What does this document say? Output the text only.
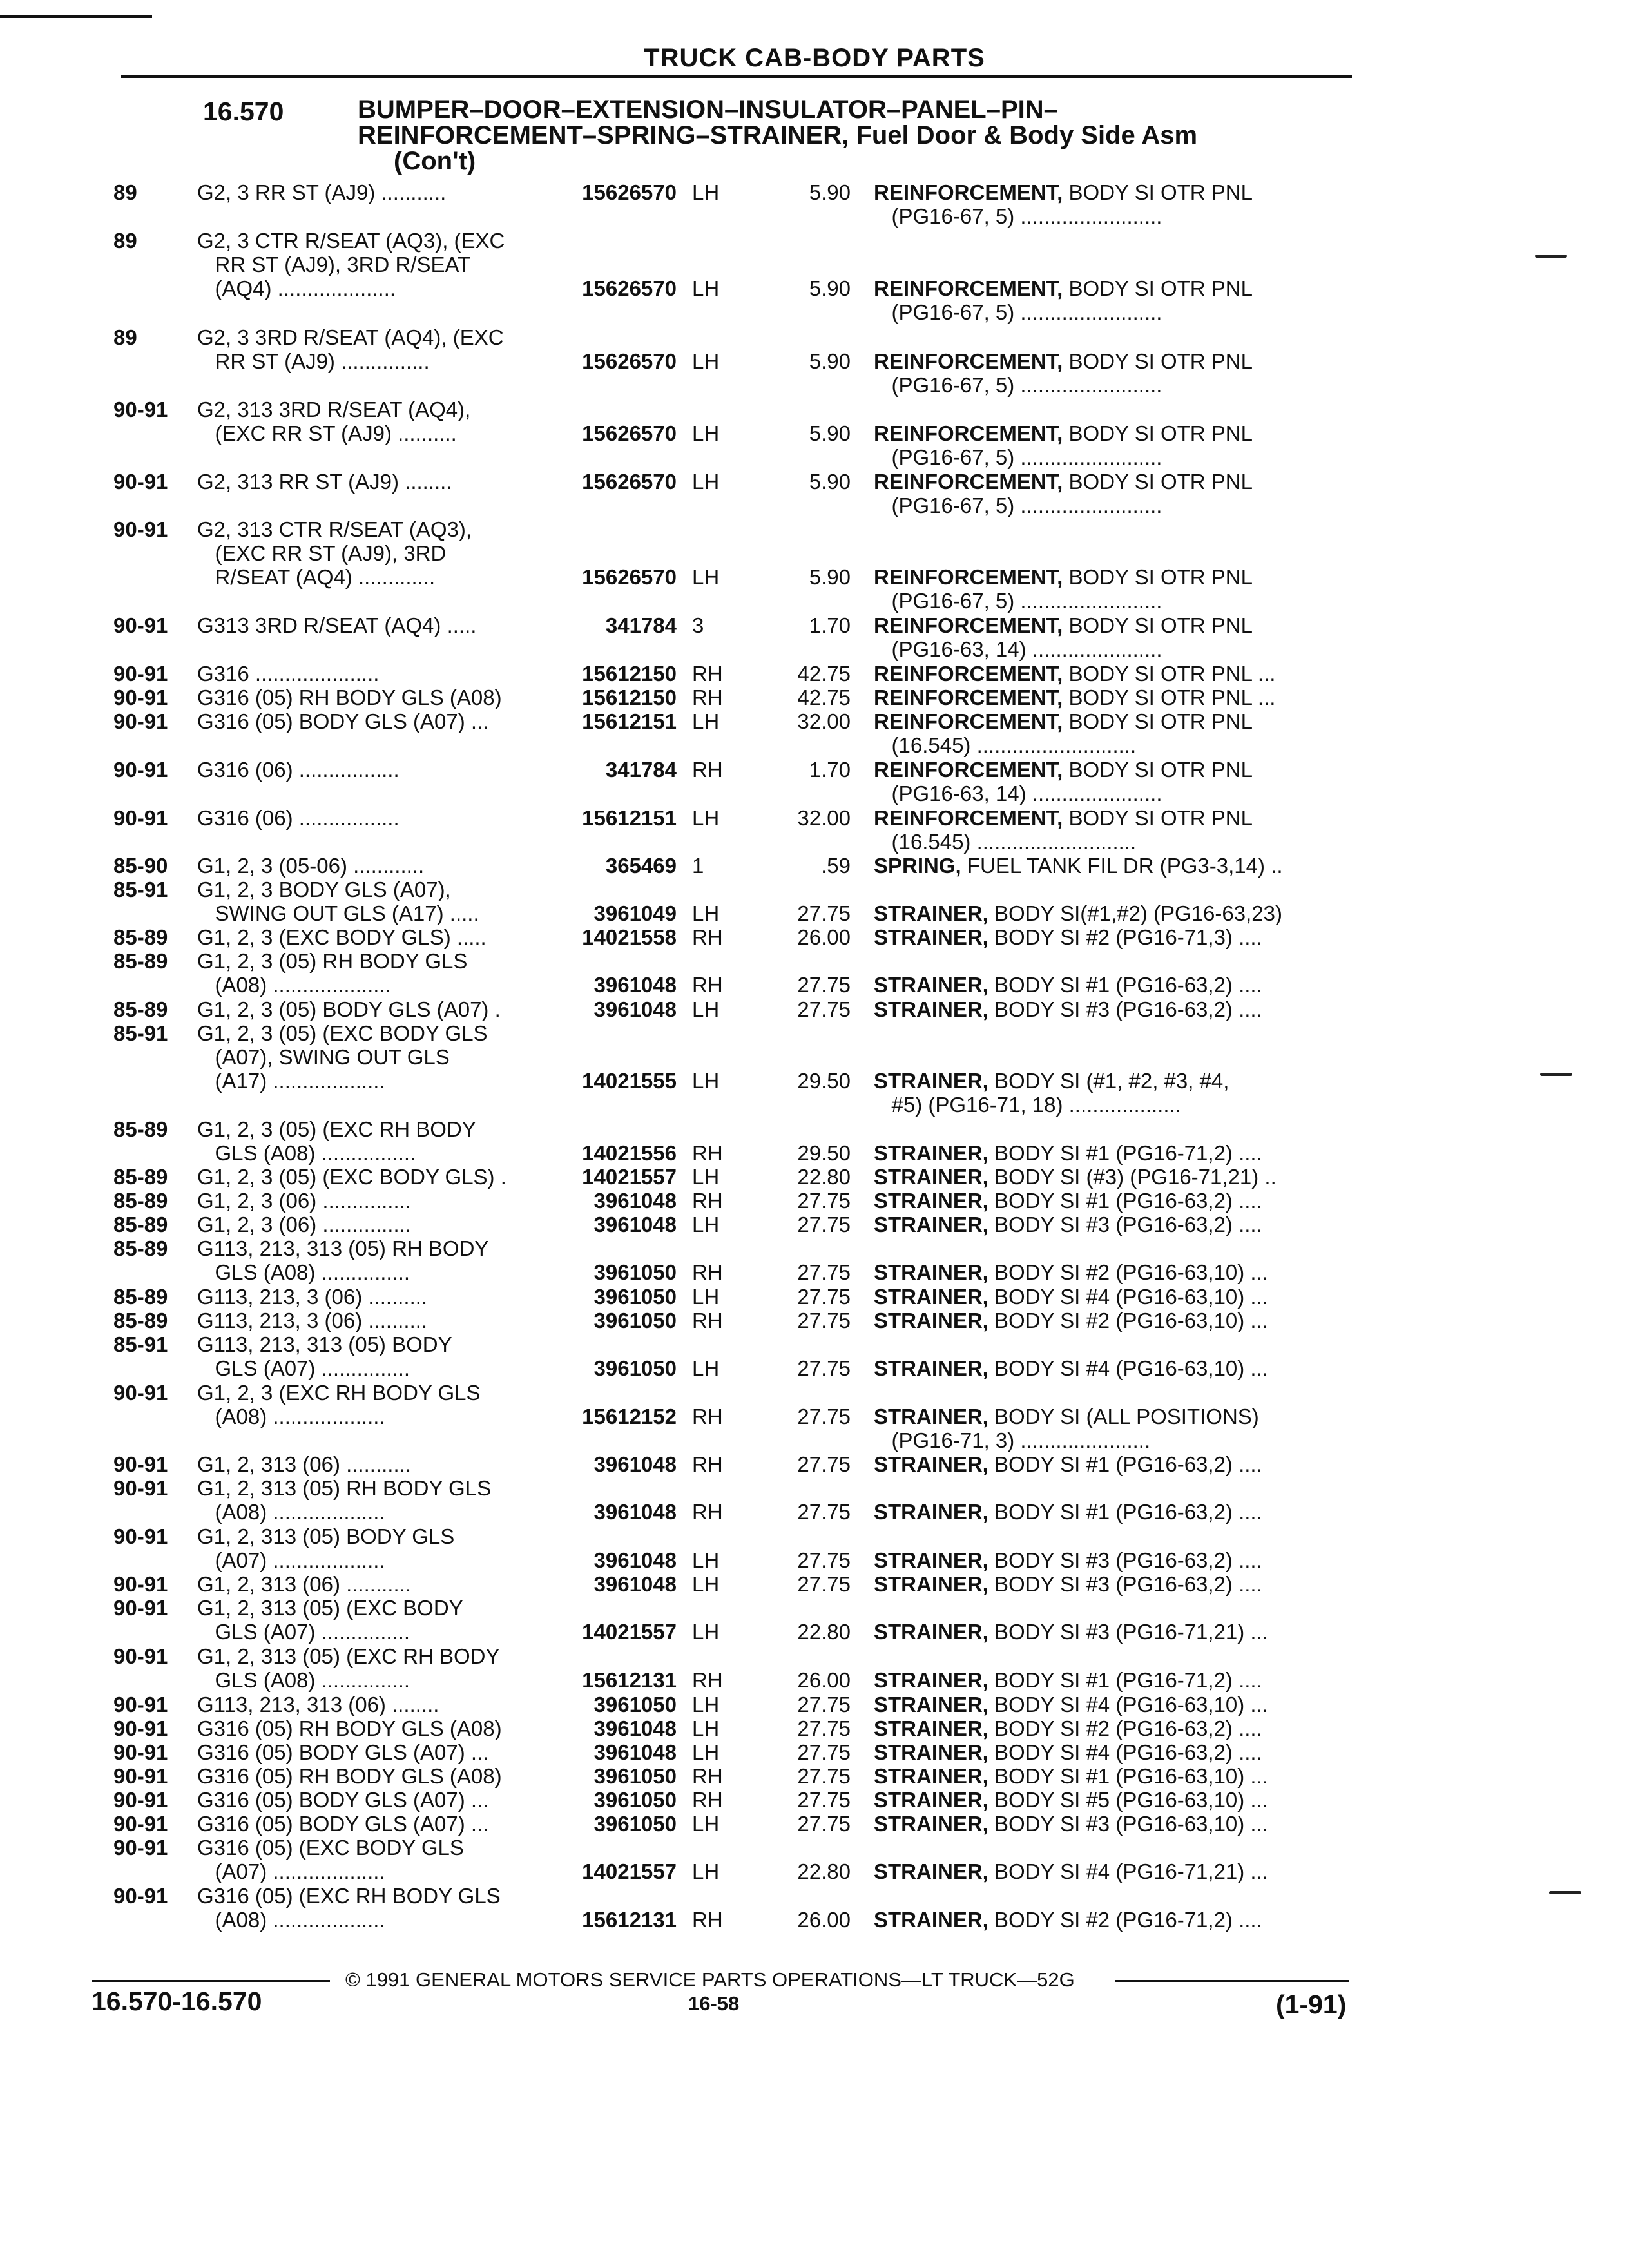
TRUCK CAB-BODY PARTS
16.570	BUMPER–DOOR–EXTENSION–INSULATOR–PANEL–PIN–
REINFORCEMENT–SPRING–STRAINER, Fuel Door & Body Side Asm
(Con't)
89	G2, 3 RR ST (AJ9) ...........	15626570 LH	5.90 REINFORCEMENT, BODY SI OTR PNL
(PG16-67, 5) ........................
89	G2, 3 CTR R/SEAT (AQ3), (EXC
RR ST (AJ9), 3RD R/SEAT
(AQ4) ....................	15626570 LH	5.90 REINFORCEMENT, BODY SI OTR PNL
(PG16-67, 5) ........................
89	G2, 3 3RD R/SEAT (AQ4), (EXC
RR ST (AJ9) ...............	15626570 LH	5.90 REINFORCEMENT, BODY SI OTR PNL
(PG16-67, 5) ........................
90-91 G2, 313 3RD R/SEAT (AQ4),
(EXC RR ST (AJ9) ..........	15626570 LH	5.90 REINFORCEMENT, BODY SI OTR PNL
(PG16-67, 5) ........................
90-91 G2, 313 RR ST (AJ9) ........	15626570 LH	5.90 REINFORCEMENT, BODY SI OTR PNL
(PG16-67, 5) ........................
90-91 G2, 313 CTR R/SEAT (AQ3),
(EXC RR ST (AJ9), 3RD
R/SEAT (AQ4) .............	15626570 LH	5.90 REINFORCEMENT, BODY SI OTR PNL
(PG16-67, 5) ........................
90-91 G313 3RD R/SEAT (AQ4) .....	341784 3	1.70 REINFORCEMENT, BODY SI OTR PNL
(PG16-63, 14) ......................
90-91 G316 .....................	15612150 RH	42.75 REINFORCEMENT, BODY SI OTR PNL ...
90-91 G316 (05) RH BODY GLS (A08)	15612150 RH	42.75 REINFORCEMENT, BODY SI OTR PNL ...
90-91 G316 (05) BODY GLS (A07) ...	15612151 LH	32.00 REINFORCEMENT, BODY SI OTR PNL
(16.545) ...........................
90-91 G316 (06) .................	341784 RH	1.70 REINFORCEMENT, BODY SI OTR PNL
(PG16-63, 14) ......................
90-91 G316 (06) .................	15612151 LH	32.00 REINFORCEMENT, BODY SI OTR PNL
(16.545) ...........................
85-90 G1, 2, 3 (05-06) ............	365469 1	.59 SPRING, FUEL TANK FIL DR (PG3-3,14) ..
85-91 G1, 2, 3 BODY GLS (A07),
SWING OUT GLS (A17) .....	3961049 LH	27.75 STRAINER, BODY SI(#1,#2) (PG16-63,23)
85-89 G1, 2, 3 (EXC BODY GLS) .....	14021558 RH	26.00 STRAINER, BODY SI #2 (PG16-71,3) ....
85-89 G1, 2, 3 (05) RH BODY GLS
(A08) ....................	3961048 RH	27.75 STRAINER, BODY SI #1 (PG16-63,2) ....
85-89 G1, 2, 3 (05) BODY GLS (A07) .	3961048 LH	27.75 STRAINER, BODY SI #3 (PG16-63,2) ....
85-91 G1, 2, 3 (05) (EXC BODY GLS
(A07), SWING OUT GLS
(A17) ...................	14021555 LH	29.50 STRAINER, BODY SI (#1, #2, #3, #4,
#5) (PG16-71, 18) ...................
85-89 G1, 2, 3 (05) (EXC RH BODY
GLS (A08) ................	14021556 RH	29.50 STRAINER, BODY SI #1 (PG16-71,2) ....
85-89 G1, 2, 3 (05) (EXC BODY GLS) .	14021557 LH	22.80 STRAINER, BODY SI (#3) (PG16-71,21) ..
85-89 G1, 2, 3 (06) ...............	3961048 RH	27.75 STRAINER, BODY SI #1 (PG16-63,2) ....
85-89 G1, 2, 3 (06) ...............	3961048 LH	27.75 STRAINER, BODY SI #3 (PG16-63,2) ....
85-89 G113, 213, 313 (05) RH BODY
GLS (A08) ...............	3961050 RH	27.75 STRAINER, BODY SI #2 (PG16-63,10) ...
85-89 G113, 213, 3 (06) ..........	3961050 LH	27.75 STRAINER, BODY SI #4 (PG16-63,10) ...
85-89 G113, 213, 3 (06) ..........	3961050 RH	27.75 STRAINER, BODY SI #2 (PG16-63,10) ...
85-91 G113, 213, 313 (05) BODY
GLS (A07) ...............	3961050 LH	27.75 STRAINER, BODY SI #4 (PG16-63,10) ...
90-91 G1, 2, 3 (EXC RH BODY GLS
(A08) ...................	15612152 RH	27.75 STRAINER, BODY SI (ALL POSITIONS)
(PG16-71, 3) ......................
90-91 G1, 2, 313 (06) ...........	3961048 RH	27.75 STRAINER, BODY SI #1 (PG16-63,2) ....
90-91 G1, 2, 313 (05) RH BODY GLS
(A08) ...................	3961048 RH	27.75 STRAINER, BODY SI #1 (PG16-63,2) ....
90-91 G1, 2, 313 (05) BODY GLS
(A07) ...................	3961048 LH	27.75 STRAINER, BODY SI #3 (PG16-63,2) ....
90-91 G1, 2, 313 (06) ...........	3961048 LH	27.75 STRAINER, BODY SI #3 (PG16-63,2) ....
90-91 G1, 2, 313 (05) (EXC BODY
GLS (A07) ...............	14021557 LH	22.80 STRAINER, BODY SI #3 (PG16-71,21) ...
90-91 G1, 2, 313 (05) (EXC RH BODY
GLS (A08) ...............	15612131 RH	26.00 STRAINER, BODY SI #1 (PG16-71,2) ....
90-91 G113, 213, 313 (06) ........	3961050 LH	27.75 STRAINER, BODY SI #4 (PG16-63,10) ...
90-91 G316 (05) RH BODY GLS (A08)	3961048 LH	27.75 STRAINER, BODY SI #2 (PG16-63,2) ....
90-91 G316 (05) BODY GLS (A07) ...	3961048 LH	27.75 STRAINER, BODY SI #4 (PG16-63,2) ....
90-91 G316 (05) RH BODY GLS (A08)	3961050 RH	27.75 STRAINER, BODY SI #1 (PG16-63,10) ...
90-91 G316 (05) BODY GLS (A07) ...	3961050 RH	27.75 STRAINER, BODY SI #5 (PG16-63,10) ...
90-91 G316 (05) BODY GLS (A07) ...	3961050 LH	27.75 STRAINER, BODY SI #3 (PG16-63,10) ...
90-91 G316 (05) (EXC BODY GLS
(A07) ...................	14021557 LH	22.80 STRAINER, BODY SI #4 (PG16-71,21) ...
90-91 G316 (05) (EXC RH BODY GLS
(A08) ...................	15612131 RH	26.00 STRAINER, BODY SI #2 (PG16-71,2) ....
© 1991 GENERAL MOTORS SERVICE PARTS OPERATIONS—LT TRUCK—52G
16.570-16.570	16-58	(1-91)
